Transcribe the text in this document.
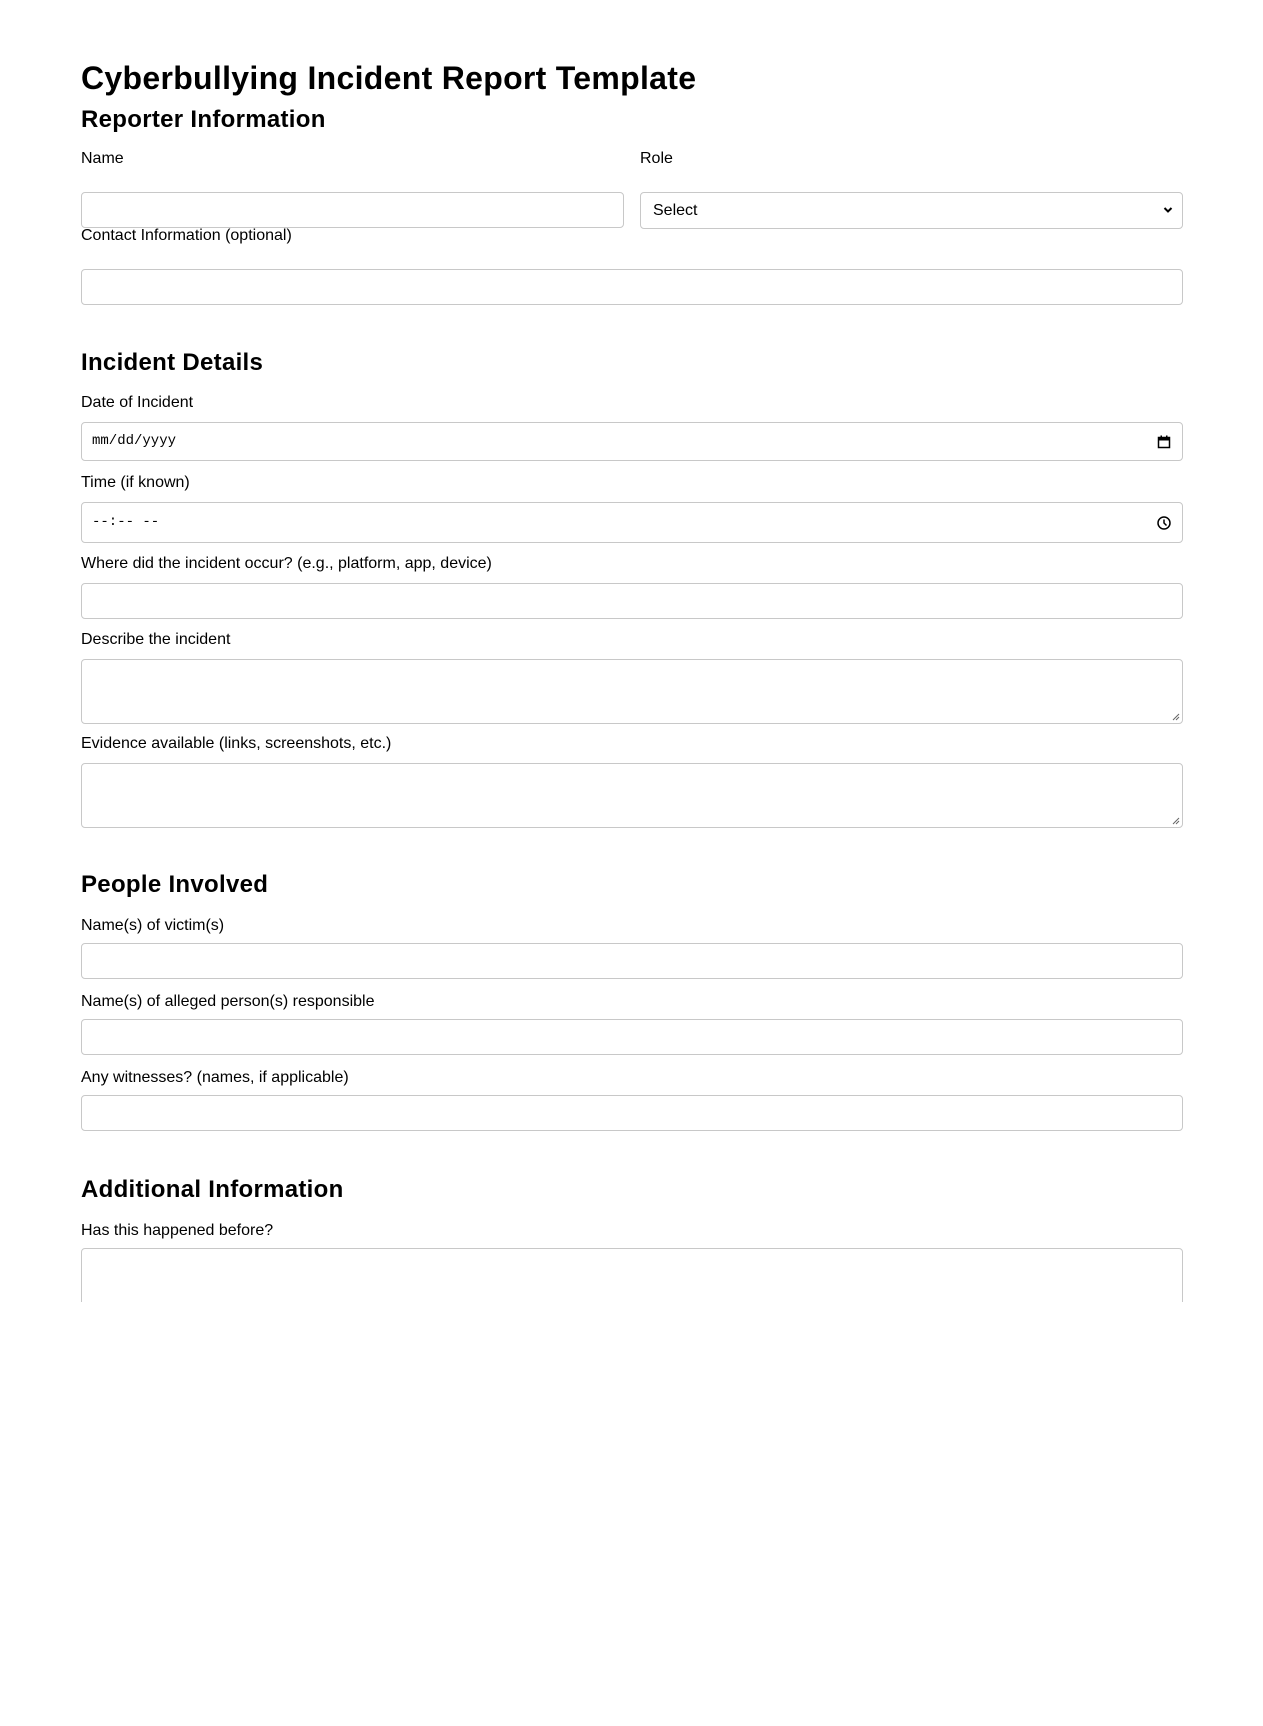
Cyberbullying Incident Report Template
Reporter Information
Name	Role
Select
Contact Information (optional)
Incident Details
Date of Incident
mm/dd/yyyy
Time (if known)
--:-- --
Where did the incident occur? (e.g., platform, app, device)
Describe the incident
Evidence available (links, screenshots, etc.)
People Involved
Name(s) of victim(s)
Name(s) of alleged person(s) responsible
Any witnesses? (names, if applicable)
Additional Information
Has this happened before?
